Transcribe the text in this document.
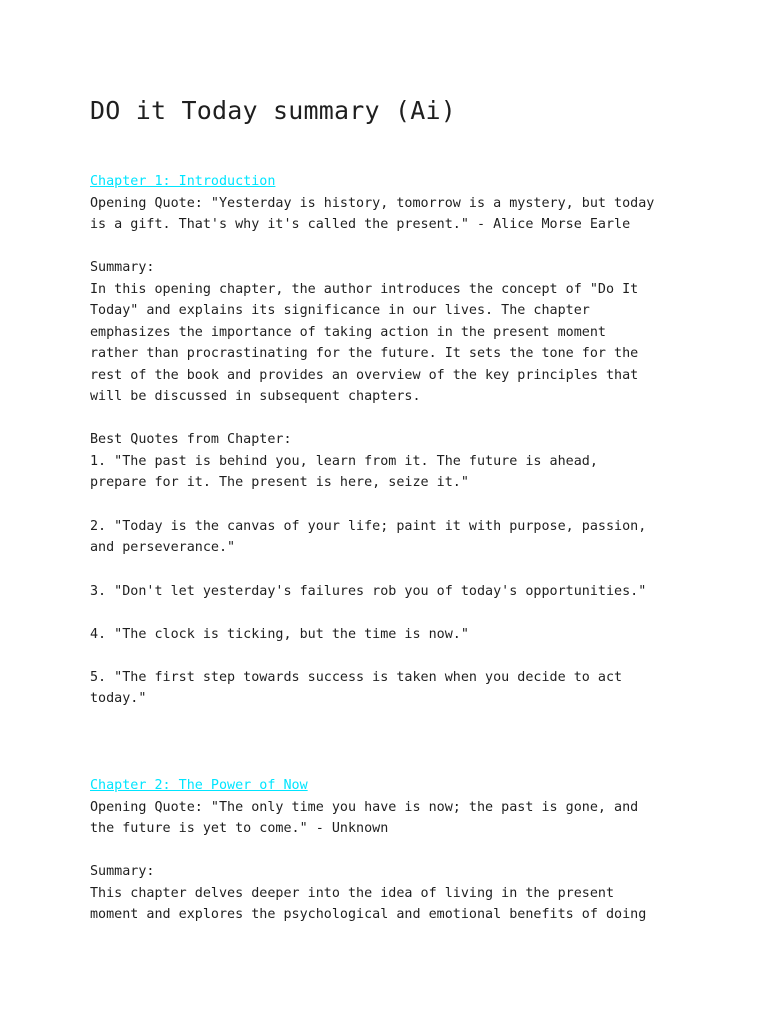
DO it Today summary (Ai)
Chapter 1: Introduction
Opening Quote: "Yesterday is history, tomorrow is a mystery, but today
is a gift. That's why it's called the present." - Alice Morse Earle
Summary:
In this opening chapter, the author introduces the concept of "Do It
Today" and explains its significance in our lives. The chapter
emphasizes the importance of taking action in the present moment
rather than procrastinating for the future. It sets the tone for the
rest of the book and provides an overview of the key principles that
will be discussed in subsequent chapters.
Best Quotes from Chapter:
1. "The past is behind you, learn from it. The future is ahead,
prepare for it. The present is here, seize it."
2. "Today is the canvas of your life; paint it with purpose, passion,
and perseverance."
3. "Don't let yesterday's failures rob you of today's opportunities."
4. "The clock is ticking, but the time is now."
5. "The first step towards success is taken when you decide to act
today."
Chapter 2: The Power of Now
Opening Quote: "The only time you have is now; the past is gone, and
the future is yet to come." - Unknown
Summary:
This chapter delves deeper into the idea of living in the present
moment and explores the psychological and emotional benefits of doing
